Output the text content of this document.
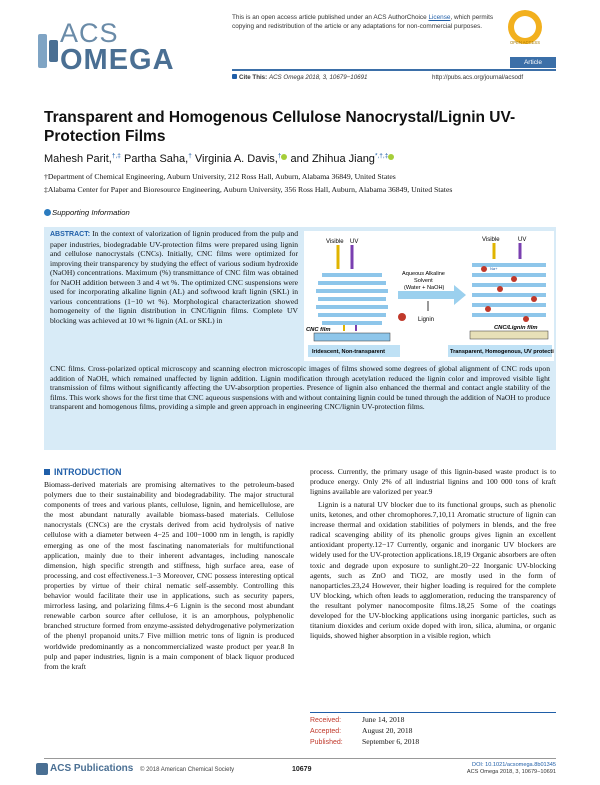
ACS
OMEGA
This is an open access article published under an ACS AuthorChoice License, which permits copying and redistribution of the article or any adaptations for non-commercial purposes.
OPEN ACCESS
Article
Cite This: ACS Omega 2018, 3, 10679−10691	http://pubs.acs.org/journal/acsodf
Transparent and Homogenous Cellulose Nanocrystal/Lignin UV-Protection Films
Mahesh Parit,†,‡ Partha Saha,† Virginia A. Davis,† and Zhihua Jiang*,†,‡
†Department of Chemical Engineering, Auburn University, 212 Ross Hall, Auburn, Alabama 36849, United States
‡Alabama Center for Paper and Bioresource Engineering, Auburn University, 356 Ross Hall, Auburn, Alabama 36849, United States
Supporting Information
ABSTRACT: In the context of valorization of lignin produced from the pulp and paper industries, biodegradable UV-protection films were prepared using lignin and cellulose nanocrystals (CNCs). Initially, CNC films were optimized for improving their transparency by studying the effect of various sodium hydroxide (NaOH) concentrations. Maximum (%) transmittance of CNC film was obtained for NaOH addition between 3 and 4 wt %. The optimized CNC suspensions were used for incorporating alkaline lignin (AL) and softwood kraft lignin (SKL) in various concentrations (1−10 wt %). Morphological characterization showed homogeneity of the lignin distribution in CNC/lignin films. Complete UV blocking was achieved at 10 wt % lignin (AL or SKL) in
CNC films. Cross-polarized optical microscopy and scanning electron microscopic images of films showed some degrees of global alignment of CNC rods upon addition of NaOH, which remained unaffected by lignin addition. Lignin modification through acetylation reduced the lignin color and improved visible light transmission of films without significantly affecting the UV-absorption properties. Presence of lignin also enhanced the thermal and contact angle stability of the films. This work shows for the first time that CNC aqueous suspensions with and without containing lignin could be tuned through the addition of NaOH to produce transparent and homogenous films, providing a simple and green approach in engineering CNC/lignin UV-protection films.
Visible UV
Aqueous Alkaline
Solvent
(Water + NaOH)
Lignin
Na+
Visible	UV
CNC film	CNC/Lignin film
Iridescent, Non-transparent	Transparent, Homogenous, UV protecting
INTRODUCTION
Biomass-derived materials are promising alternatives to the petroleum-based polymers due to their sustainability and biodegradability. The major structural components of trees and various plants, cellulose, lignin, and hemicellulose, are the most abundant naturally available biomass-based materials. Cellulose nanocrystals (CNCs) are the crystals derived from acid hydrolysis of native cellulose with a diameter between 4−25 and 100−1000 nm in length, is rapidly emerging as one of the most fascinating nanomaterials for multifunctional application, mainly due to their inherent advantages, including nanoscale dimension, high specific strength and stiffness, high surface area, ease of processing, and cost effectiveness.1−3 Moreover, CNC possess interesting optical properties by virtue of their chiral nematic self-assembly. Controlling this behavior would facilitate their use in applications, such as security papers, mirrorless lasing, and polarizing films.4−6 Lignin is the second most abundant renewable carbon source after cellulose, it is an amorphous, polyphenolic branched structure formed from enzyme-assisted dehydrogenative polymerization of the phenyl propanoid units.7 Five million metric tons of lignin is produced worldwide predominantly as a noncommercialized waste product per year.8 In pulp and paper industries, lignin is a main component of black liquor produced from the kraft
process. Currently, the primary usage of this lignin-based waste product is to produce energy. Only 2% of all industrial lignins and 100 000 tons of kraft lignins available are valorized per year.9
Lignin is a natural UV blocker due to its functional groups, such as phenolic units, ketones, and other chromophores.7,10,11 Aromatic structure of lignin can increase thermal and oxidation stabilities of polymers in blends, and the free radical scavenging ability of its phenolic groups gives lignin an excellent antioxidant property.12−17 Currently, organic and inorganic UV blockers are widely used for the UV-protection applications.18,19 Organic absorbers are often toxic and degrade upon exposure to sunlight.20−22 Inorganic UV-blocking agents, such as ZnO and TiO2, are mostly used in the form of nanoparticles.23,24 However, their higher loading is required for the complete UV blocking, which often leads to agglomeration, reducing the transparency of the resultant polymer nanocomposite films.18,25 Some of the coatings developed for the UV-blocking applications using inorganic particles, such as titanium dioxides and cerium oxide doped with iron, silica, alumina, or organic liquids, showed higher absorption in a visible region, which
Received:	June 14, 2018
Accepted:	August 20, 2018
Published:	September 6, 2018
ACS Publications © 2018 American Chemical Society	10679
DOI: 10.1021/acsomega.8b01345
ACS Omega 2018, 3, 10679−10691
